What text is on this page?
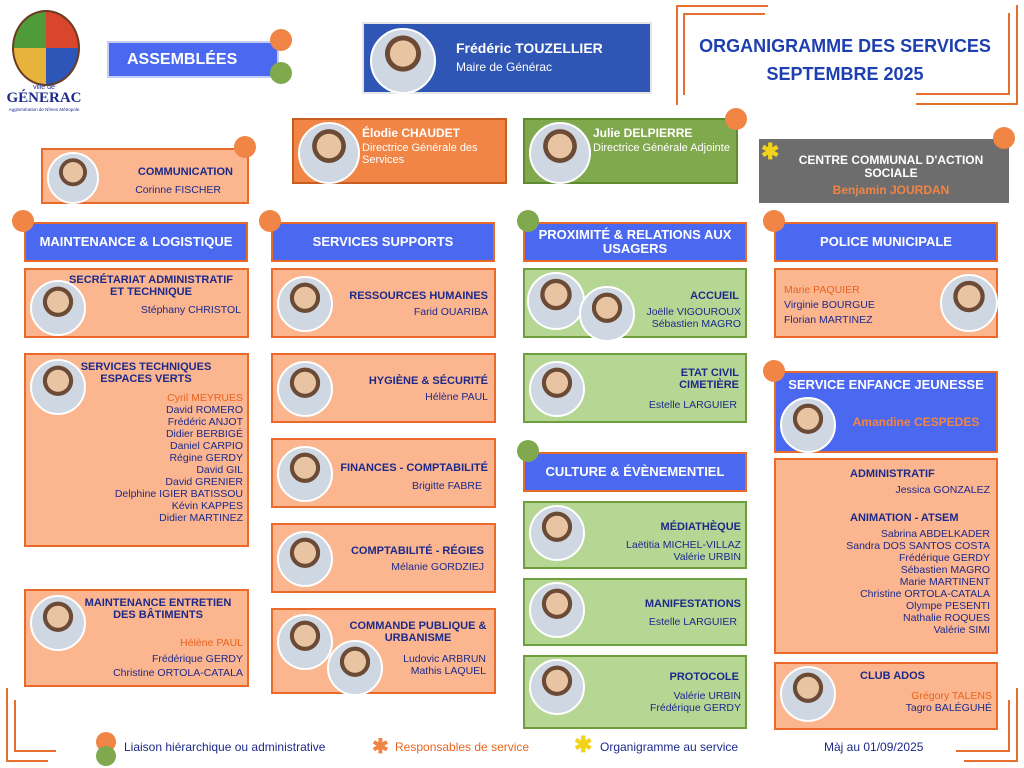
ville de
GÉNERAC
Agglomération de Nîmes Métropole
ASSEMBLÉES
Frédéric TOUZELLIER
Maire de Générac
ORGANIGRAMME DES SERVICES
SEPTEMBRE 2025
Élodie CHAUDET
Directrice Générale des Services
Julie DELPIERRE
Directrice Générale Adjointe ✱	CENTRE COMMUNAL D'ACTION SOCIALE
Benjamin JOURDAN
COMMUNICATION
Corinne FISCHER
MAINTENANCE & LOGISTIQUE	SERVICES SUPPORTS	PROXIMITÉ & RELATIONS AUX USAGERS	POLICE MUNICIPALE
SECRÉTARIAT ADMINISTRATIF ET TECHNIQUE
Stéphany CHRISTOL
SERVICES TECHNIQUES ESPACES VERTS
Cyril MEYRUES
David ROMERO
Frédéric ANJOT
Didier BERBIGÉ
Daniel CARPIO
Régine GERDY
David GIL
David GRENIER
Delphine IGIER BATISSOU
Kévin KAPPES
Didier MARTINEZ
MAINTENANCE ENTRETIEN DES BÂTIMENTS
Hélène PAUL
Frédérique GERDY
Christine ORTOLA-CATALA
RESSOURCES HUMAINES
Farid OUARIBA
HYGIÈNE & SÉCURITÉ
Hélène PAUL
FINANCES - COMPTABILITÉ
Brigitte FABRE
COMPTABILITÉ - RÉGIES
Mélanie GORDZIEJ
COMMANDE PUBLIQUE & URBANISME
Ludovic ARBRUN
Mathis LAQUEL
ACCUEIL
Joëlle VIGOUROUX
Sébastien MAGRO
ETAT CIVIL CIMETIÈRE
Estelle LARGUIER
CULTURE & ÉVÈNEMENTIEL
MÉDIATHÈQUE
Laëtitia MICHEL-VILLAZ
Valérie URBIN
MANIFESTATIONS
Estelle LARGUIER
PROTOCOLE
Valérie URBIN
Frédérique GERDY
Marie PAQUIER
Virginie BOURGUE
Florian MARTINEZ
SERVICE ENFANCE JEUNESSE
Amandine CESPEDES
ADMINISTRATIF
Jessica GONZALEZ
ANIMATION - ATSEM
Sabrina ABDELKADER
Sandra DOS SANTOS COSTA
Frédérique GERDY
Sébastien MAGRO
Marie MARTINENT
Christine ORTOLA-CATALA
Olympe PESENTI
Nathalie ROQUES
Valérie SIMI
CLUB ADOS
Grégory TALENS
Tagro BALÉGUHÉ
Liaison hiérarchique ou administrative ✱ Responsables de service ✱ Organigramme au service	Màj au 01/09/2025
